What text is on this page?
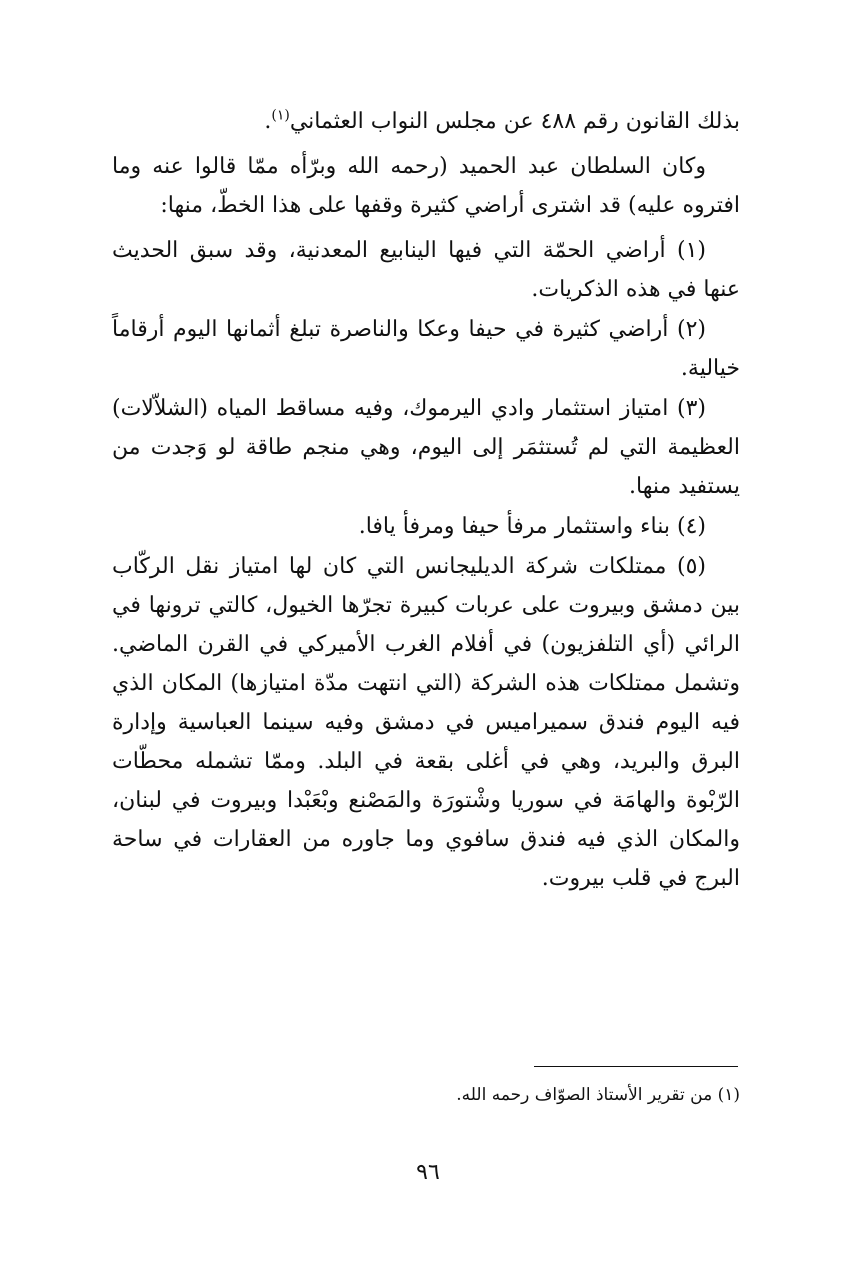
بذلك القانون رقم ٤٨٨ عن مجلس النواب العثماني$^{(١)}$.

وكان السلطان عبد الحميد (رحمه الله وبرّأه ممّا قالوا عنه وما افتروه عليه) قد اشترى أراضي كثيرة وقفها على هذا الخطّ، منها:

(١) أراضي الحمّة التي فيها الينابيع المعدنية، وقد سبق الحديث عنها في هذه الذكريات.

(٢) أراضي كثيرة في حيفا وعكا والناصرة تبلغ أثمانها اليوم أرقاماً خيالية.

(٣) امتياز استثمار وادي اليرموك، وفيه مساقط المياه (الشلاّلات) العظيمة التي لم تُستثمَر إلى اليوم، وهي منجم طاقة لو وَجدت من يستفيد منها.

(٤) بناء واستثمار مرفأ حيفا ومرفأ يافا.

(٥) ممتلكات شركة الديليجانس التي كان لها امتياز نقل الركّاب بين دمشق وبيروت على عربات كبيرة تجرّها الخيول، كالتي ترونها في الرائي (أي التلفزيون) في أفلام الغرب الأميركي في القرن الماضي. وتشمل ممتلكات هذه الشركة (التي انتهت مدّة امتيازها) المكان الذي فيه اليوم فندق سميراميس في دمشق وفيه سينما العباسية وإدارة البرق والبريد، وهي في أغلى بقعة في البلد. وممّا تشمله محطّات الرّبْوة والهامَة في سوريا وشْتورَة والمَصْنع وبْعَبْدا وبيروت في لبنان، والمكان الذي فيه فندق سافوي وما جاوره من العقارات في ساحة البرج في قلب بيروت.

(١) من تقرير الأستاذ الصوّاف رحمه الله.
٩٦
